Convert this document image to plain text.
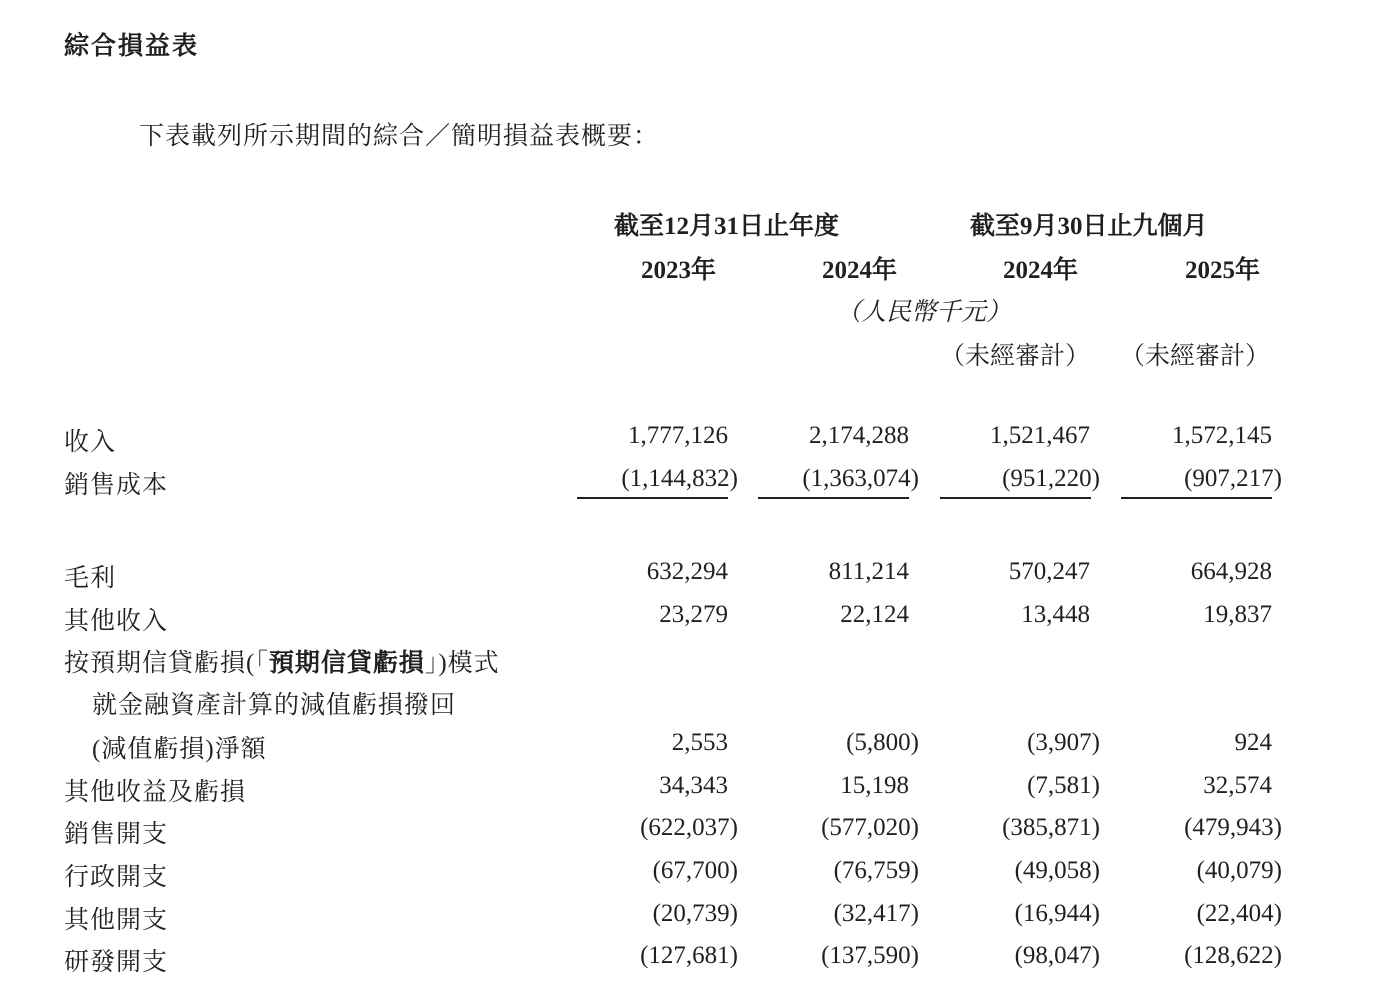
綜合損益表
下表載列所示期間的綜合／簡明損益表概要：
截至12月31日止年度	截至9月30日止九個月
2023年	2024年	2024年	2025年
（人民幣千元）
（未經審計） （未經審計）
收入	1,777,126	2,174,288	1,521,467	1,572,145
銷售成本	(1,144,832)	(1,363,074)	(951,220)	(907,217)
毛利	632,294	811,214	570,247	664,928
其他收入	23,279	22,124	13,448	19,837
按預期信貸虧損(「預期信貸虧損」)模式
就金融資產計算的減值虧損撥回
(減值虧損)淨額	2,553	(5,800)	(3,907)	924
其他收益及虧損	34,343	15,198	(7,581)	32,574
銷售開支	(622,037)	(577,020)	(385,871)	(479,943)
行政開支	(67,700)	(76,759)	(49,058)	(40,079)
其他開支	(20,739)	(32,417)	(16,944)	(22,404)
研發開支	(127,681)	(137,590)	(98,047)	(128,622)
